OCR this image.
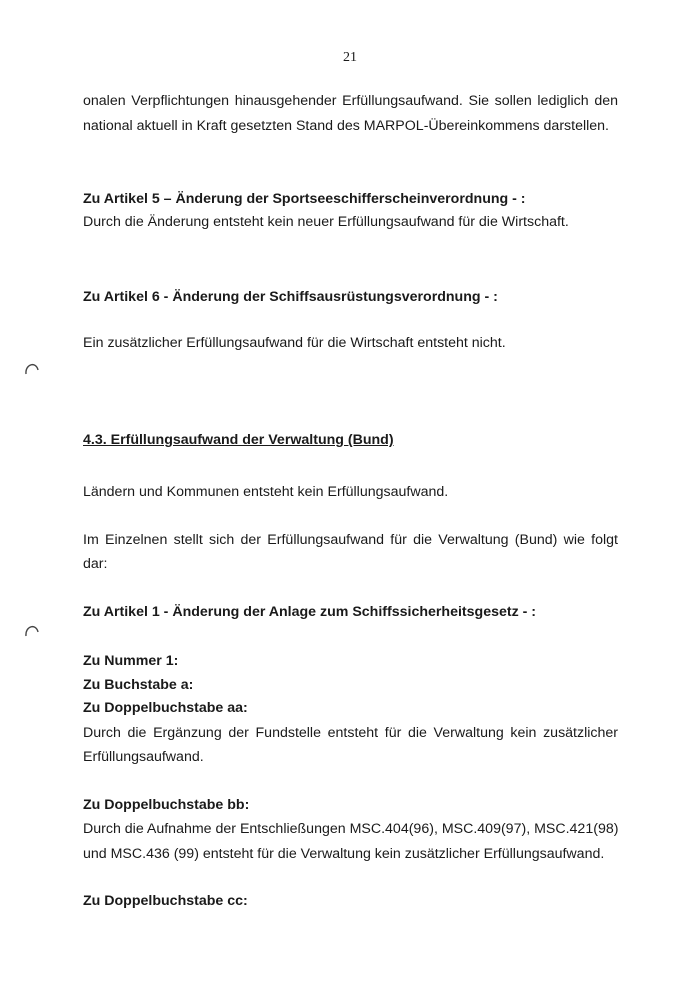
21
onalen Verpflichtungen hinausgehender Erfüllungsaufwand. Sie sollen lediglich den
national aktuell in Kraft gesetzten Stand des MARPOL-Übereinkommens darstellen.
Zu Artikel 5 – Änderung der Sportseeschifferscheinverordnung - :
Durch die Änderung entsteht kein neuer Erfüllungsaufwand für die Wirtschaft.
Zu Artikel 6 - Änderung der Schiffsausrüstungsverordnung - :
Ein zusätzlicher Erfüllungsaufwand für die Wirtschaft entsteht nicht.
4.3. Erfüllungsaufwand der Verwaltung (Bund)
Ländern und Kommunen entsteht kein Erfüllungsaufwand.
Im Einzelnen stellt sich der Erfüllungsaufwand für die Verwaltung (Bund) wie folgt
dar:
Zu Artikel 1 - Änderung der Anlage zum Schiffssicherheitsgesetz - :
Zu Nummer 1:
Zu Buchstabe a:
Zu Doppelbuchstabe aa:
Durch die Ergänzung der Fundstelle entsteht für die Verwaltung kein zusätzlicher
Erfüllungsaufwand.
Zu Doppelbuchstabe bb:
Durch die Aufnahme der Entschließungen MSC.404(96), MSC.409(97), MSC.421(98)
und MSC.436 (99) entsteht für die Verwaltung kein zusätzlicher Erfüllungsaufwand.
Zu Doppelbuchstabe cc:
